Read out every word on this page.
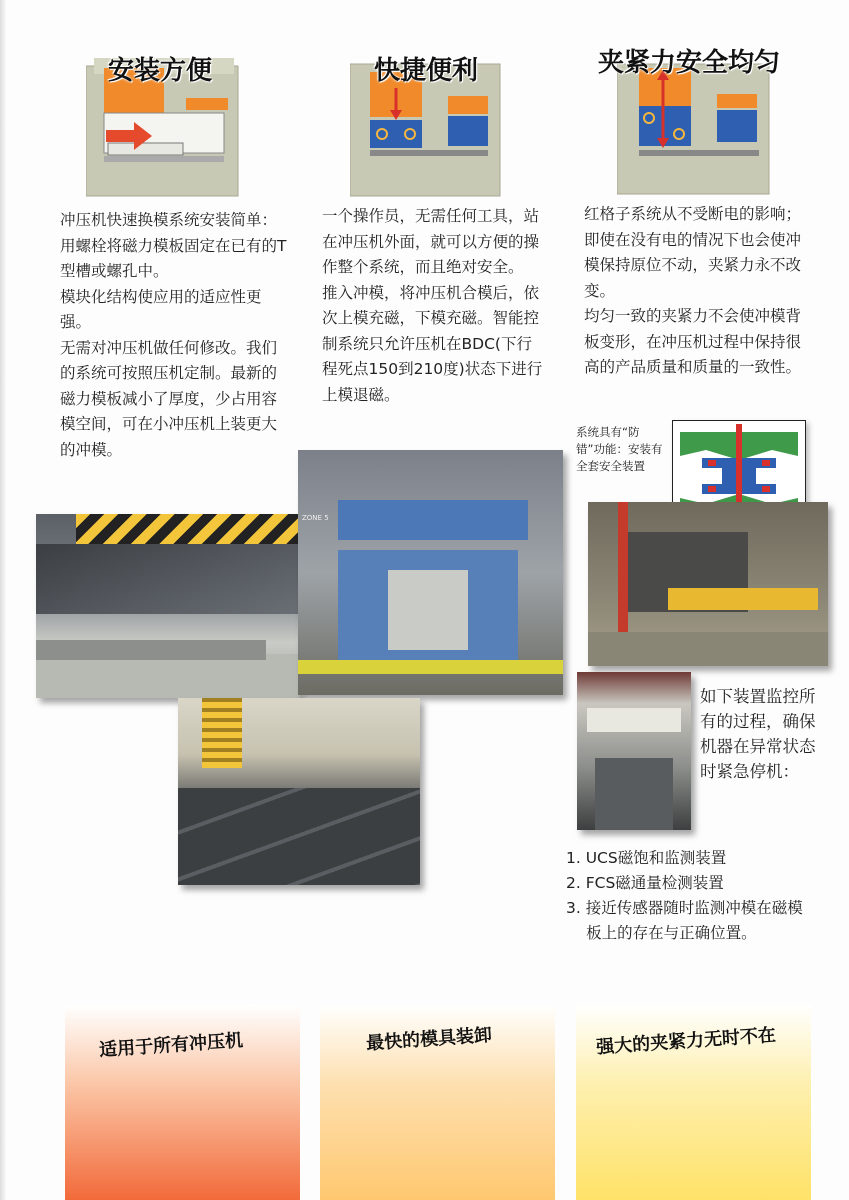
安装方便	快捷便利	夹紧力安全均匀

冲压机快速换模系统安装简单：用螺栓将磁力模板固定在已有的T型槽或螺孔中。

模块化结构使应用的适应性更强。

无需对冲压机做任何修改。我们的系统可按照压机定制。最新的磁力模板减小了厚度，少占用容模空间，可在小冲压机上装更大的冲模。

一个操作员，无需任何工具，站在冲压机外面，就可以方便的操作整个系统，而且绝对安全。

推入冲模，将冲压机合模后，依次上模充磁，下模充磁。智能控制系统只允许压机在BDC(下行程死点150到210度)状态下进行上模退磁。

红格子系统从不受断电的影响；即使在没有电的情况下也会使冲模保持原位不动，夹紧力永不改变。

均匀一致的夹紧力不会使冲模背板变形，在冲压机过程中保持很高的产品质量和质量的一致性。

系统具有“防错”功能：安装有全套安全装置
ZONE 5
如下装置监控所有的过程，确保机器在异常状态时紧急停机：
1. UCS磁饱和监测装置
2. FCS磁通量检测装置
3. 接近传感器随时监测冲模在磁模板上的存在与正确位置。
适用于所有冲压机	最快的模具装卸	强大的夹紧力无时不在
